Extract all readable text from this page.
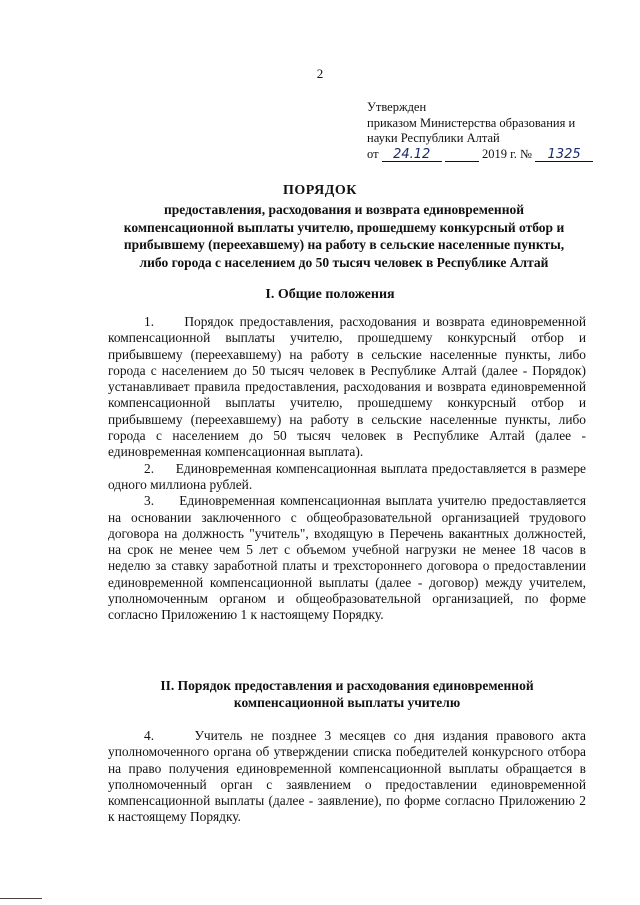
2
Утвержден
приказом Министерства образования и
науки Республики Алтай
от 24.12	2019 г. № 1325
ПОРЯДОК
предоставления, расходования и возврата единовременной компенсационной выплаты учителю, прошедшему конкурсный отбор и прибывшему (переехавшему) на работу в сельские населенные пункты, либо города с населением до 50 тысяч человек в Республике Алтай
I. Общие положения

1.     Порядок предоставления, расходования и возврата единовременной компенсационной выплаты учителю, прошедшему конкурсный отбор и прибывшему (переехавшему) на работу в сельские населенные пункты, либо города с населением до 50 тысяч человек в Республике Алтай (далее - Порядок) устанавливает правила предоставления, расходования и возврата единовременной компенсационной выплаты учителю, прошедшему конкурсный отбор и прибывшему (переехавшему) на работу в сельские населенные пункты, либо города с населением до 50 тысяч человек в Республике Алтай (далее - единовременная компенсационная выплата).

2.     Единовременная компенсационная выплата предоставляется в размере одного миллиона рублей.

3.     Единовременная компенсационная выплата учителю предоставляется на основании заключенного с общеобразовательной организацией трудового договора на должность "учитель", входящую в Перечень вакантных должностей, на срок не менее чем 5 лет с объемом учебной нагрузки не менее 18 часов в неделю за ставку заработной платы и трехстороннего договора о предоставлении единовременной компенсационной выплаты (далее - договор) между учителем, уполномоченным органом и общеобразовательной организацией, по форме согласно Приложению 1 к настоящему Порядку.

II. Порядок предоставления и расходования единовременной компенсационной выплаты учителю

4.     Учитель не позднее 3 месяцев со дня издания правового акта уполномоченного органа об утверждении списка победителей конкурсного отбора на право получения единовременной компенсационной выплаты обращается в уполномоченный орган с заявлением о предоставлении единовременной компенсационной выплаты (далее - заявление), по форме согласно Приложению 2 к настоящему Порядку.
